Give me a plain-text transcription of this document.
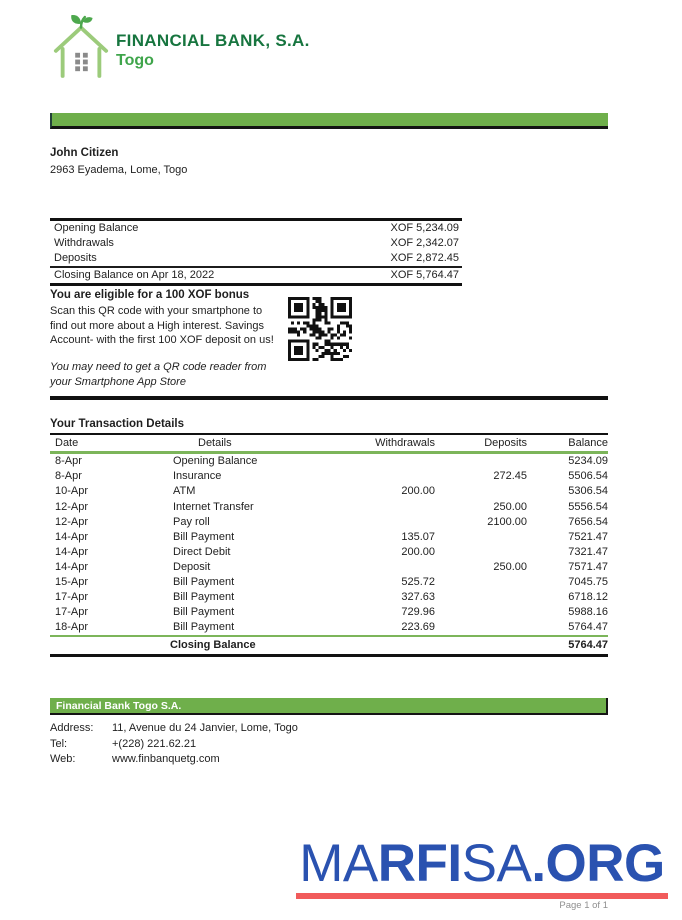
FINANCIAL BANK, S.A.
Togo
John Citizen
2963 Eyadema, Lome, Togo
Opening Balance	XOF 5,234.09
Withdrawals	XOF 2,342.07
Deposits	XOF 2,872.45
Closing Balance on Apr 18, 2022	XOF 5,764.47
You are eligible for a 100 XOF bonus

Scan this QR code with your smartphone to find out more about a High interest. Savings Account- with the first 100 XOF deposit on us!

You may need to get a QR code reader from your Smartphone App Store

Your Transaction Details
Date	Details	Withdrawals	Deposits	Balance
8-Apr	Opening Balance			5234.09
8-Apr	Insurance		272.45	5506.54
10-Apr	ATM	200.00		5306.54
12-Apr	Internet Transfer		250.00	5556.54
12-Apr	Pay roll		2100.00	7656.54
14-Apr	Bill Payment	135.07		7521.47
14-Apr	Direct Debit	200.00		7321.47
14-Apr	Deposit		250.00	7571.47
15-Apr	Bill Payment	525.72		7045.75
17-Apr	Bill Payment	327.63		6718.12
17-Apr	Bill Payment	729.96		5988.16
18-Apr	Bill Payment	223.69		5764.47
	Closing Balance			5764.47
Financial Bank Togo S.A.
Address:	11, Avenue du 24 Janvier, Lome, Togo
Tel:	+(228) 221.62.21
Web:	www.finbanquetg.com
MARFISA.ORG
Page 1 of 1
